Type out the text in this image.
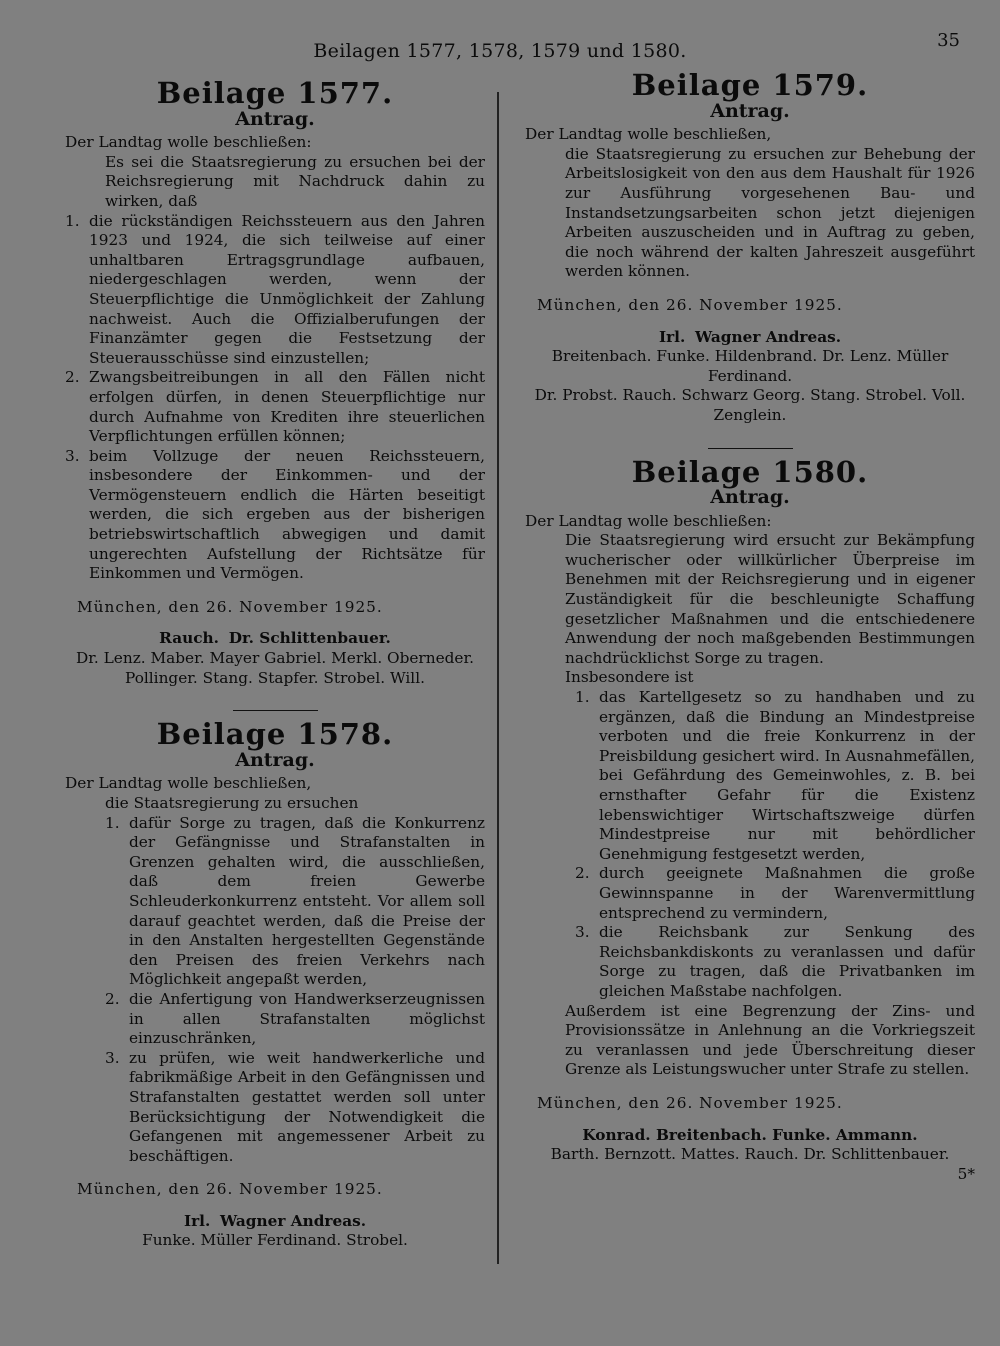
Beilagen 1577, 1578, 1579 und 1580.	35
Beilage 1577.
Antrag.

Der Landtag wolle beschließen:

Es sei die Staatsregierung zu ersuchen bei der Reichsregierung mit Nachdruck dahin zu wirken, daß

1. die rückständigen Reichssteuern aus den Jahren 1923 und 1924, die sich teilweise auf einer unhaltbaren Ertragsgrundlage aufbauen, niedergeschlagen werden, wenn der Steuerpflichtige die Unmöglichkeit der Zahlung nachweist. Auch die Offizialberufungen der Finanzämter gegen die Festsetzung der Steuerausschüsse sind einzustellen;
2. Zwangsbeitreibungen in all den Fällen nicht erfolgen dürfen, in denen Steuerpflichtige nur durch Aufnahme von Krediten ihre steuerlichen Verpflichtungen erfüllen können;
3. beim Vollzuge der neuen Reichssteuern, insbesondere der Einkommen- und der Vermögensteuern endlich die Härten beseitigt werden, die sich ergeben aus der bisherigen betriebswirtschaftlich abwegigen und damit ungerechten Aufstellung der Richtsätze für Einkommen und Vermögen.

München, den 26. November 1925.

Rauch. Dr. Schlittenbauer.

Dr. Lenz. Maber. Mayer Gabriel. Merkl. Oberneder.

Pollinger. Stang. Stapfer. Strobel. Will.

Beilage 1578.
Antrag.

Der Landtag wolle beschließen,

die Staatsregierung zu ersuchen

1. dafür Sorge zu tragen, daß die Konkurrenz der Gefängnisse und Strafanstalten in Grenzen gehalten wird, die ausschließen, daß dem freien Gewerbe Schleuderkonkurrenz entsteht. Vor allem soll darauf geachtet werden, daß die Preise der in den Anstalten hergestellten Gegenstände den Preisen des freien Verkehrs nach Möglichkeit angepaßt werden,
2. die Anfertigung von Handwerkserzeugnissen in allen Strafanstalten möglichst einzuschränken,
3. zu prüfen, wie weit handwerkerliche und fabrikmäßige Arbeit in den Gefängnissen und Strafanstalten gestattet werden soll unter Berücksichtigung der Notwendigkeit die Gefangenen mit angemessener Arbeit zu beschäftigen.

München, den 26. November 1925.

Irl. Wagner Andreas.

Funke. Müller Ferdinand. Strobel.

Beilage 1579.
Antrag.

Der Landtag wolle beschließen,

die Staatsregierung zu ersuchen zur Behebung der Arbeitslosigkeit von den aus dem Haushalt für 1926 zur Ausführung vorgesehenen Bau- und Instandsetzungsarbeiten schon jetzt diejenigen Arbeiten auszuscheiden und in Auftrag zu geben, die noch während der kalten Jahreszeit ausgeführt werden können.

München, den 26. November 1925.

Irl. Wagner Andreas.

Breitenbach. Funke. Hildenbrand. Dr. Lenz. Müller Ferdinand.

Dr. Probst. Rauch. Schwarz Georg. Stang. Strobel. Voll.

Zenglein.

Beilage 1580.
Antrag.

Der Landtag wolle beschließen:

Die Staatsregierung wird ersucht zur Bekämpfung wucherischer oder willkürlicher Überpreise im Benehmen mit der Reichsregierung und in eigener Zuständigkeit für die beschleunigte Schaffung gesetzlicher Maßnahmen und die entschiedenere Anwendung der noch maßgebenden Bestimmungen nachdrücklichst Sorge zu tragen.

Insbesondere ist

1. das Kartellgesetz so zu handhaben und zu ergänzen, daß die Bindung an Mindestpreise verboten und die freie Konkurrenz in der Preisbildung gesichert wird. In Ausnahmefällen, bei Gefährdung des Gemeinwohles, z. B. bei ernsthafter Gefahr für die Existenz lebenswichtiger Wirtschaftszweige dürfen Mindestpreise nur mit behördlicher Genehmigung festgesetzt werden,
2. durch geeignete Maßnahmen die große Gewinnspanne in der Warenvermittlung entsprechend zu vermindern,
3. die Reichsbank zur Senkung des Reichsbankdiskonts zu veranlassen und dafür Sorge zu tragen, daß die Privatbanken im gleichen Maßstabe nachfolgen.

Außerdem ist eine Begrenzung der Zins- und Provisionssätze in Anlehnung an die Vorkriegszeit zu veranlassen und jede Überschreitung dieser Grenze als Leistungswucher unter Strafe zu stellen.

München, den 26. November 1925.

Konrad. Breitenbach. Funke. Ammann.

Barth. Bernzott. Mattes. Rauch. Dr. Schlittenbauer.

5*
